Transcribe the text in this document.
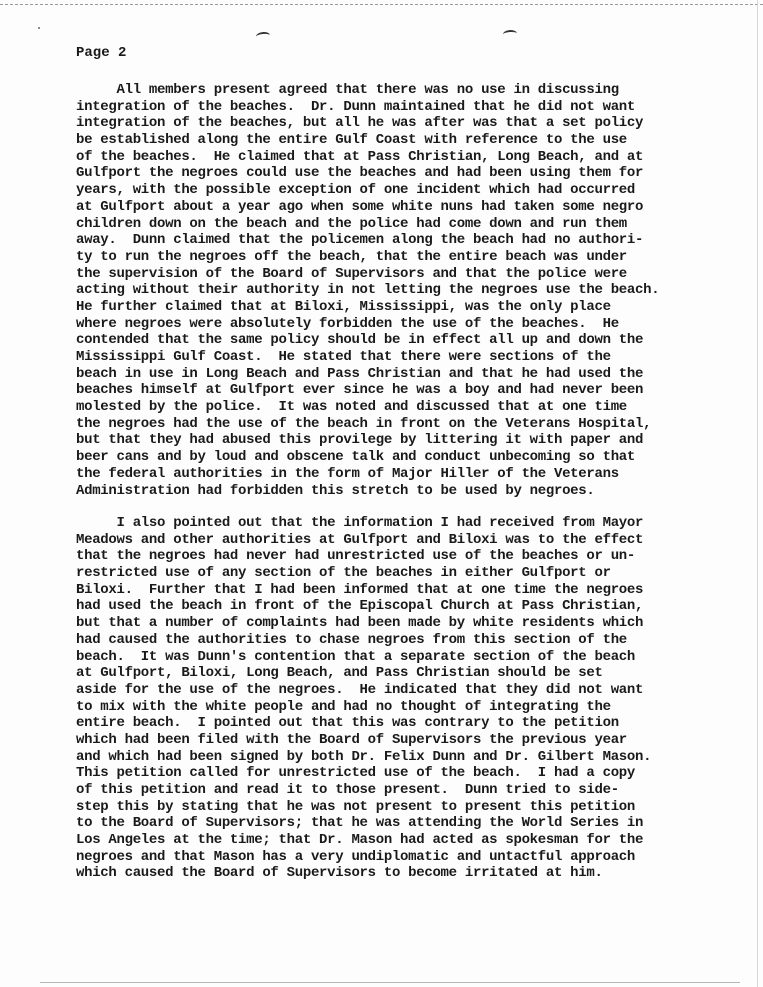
Page 2
All members present agreed that there was no use in discussing
integration of the beaches.  Dr. Dunn maintained that he did not want
integration of the beaches, but all he was after was that a set policy
be established along the entire Gulf Coast with reference to the use
of the beaches.  He claimed that at Pass Christian, Long Beach, and at
Gulfport the negroes could use the beaches and had been using them for
years, with the possible exception of one incident which had occurred
at Gulfport about a year ago when some white nuns had taken some negro
children down on the beach and the police had come down and run them
away.  Dunn claimed that the policemen along the beach had no authori-
ty to run the negroes off the beach, that the entire beach was under
the supervision of the Board of Supervisors and that the police were
acting without their authority in not letting the negroes use the beach.
He further claimed that at Biloxi, Mississippi, was the only place
where negroes were absolutely forbidden the use of the beaches.  He
contended that the same policy should be in effect all up and down the
Mississippi Gulf Coast.  He stated that there were sections of the
beach in use in Long Beach and Pass Christian and that he had used the
beaches himself at Gulfport ever since he was a boy and had never been
molested by the police.  It was noted and discussed that at one time
the negroes had the use of the beach in front on the Veterans Hospital,
but that they had abused this provilege by littering it with paper and
beer cans and by loud and obscene talk and conduct unbecoming so that
the federal authorities in the form of Major Hiller of the Veterans
Administration had forbidden this stretch to be used by negroes.
I also pointed out that the information I had received from Mayor
Meadows and other authorities at Gulfport and Biloxi was to the effect
that the negroes had never had unrestricted use of the beaches or un-
restricted use of any section of the beaches in either Gulfport or
Biloxi.  Further that I had been informed that at one time the negroes
had used the beach in front of the Episcopal Church at Pass Christian,
but that a number of complaints had been made by white residents which
had caused the authorities to chase negroes from this section of the
beach.  It was Dunn's contention that a separate section of the beach
at Gulfport, Biloxi, Long Beach, and Pass Christian should be set
aside for the use of the negroes.  He indicated that they did not want
to mix with the white people and had no thought of integrating the
entire beach.  I pointed out that this was contrary to the petition
which had been filed with the Board of Supervisors the previous year
and which had been signed by both Dr. Felix Dunn and Dr. Gilbert Mason.
This petition called for unrestricted use of the beach.  I had a copy
of this petition and read it to those present.  Dunn tried to side-
step this by stating that he was not present to present this petition
to the Board of Supervisors; that he was attending the World Series in
Los Angeles at the time; that Dr. Mason had acted as spokesman for the
negroes and that Mason has a very undiplomatic and untactful approach
which caused the Board of Supervisors to become irritated at him.
